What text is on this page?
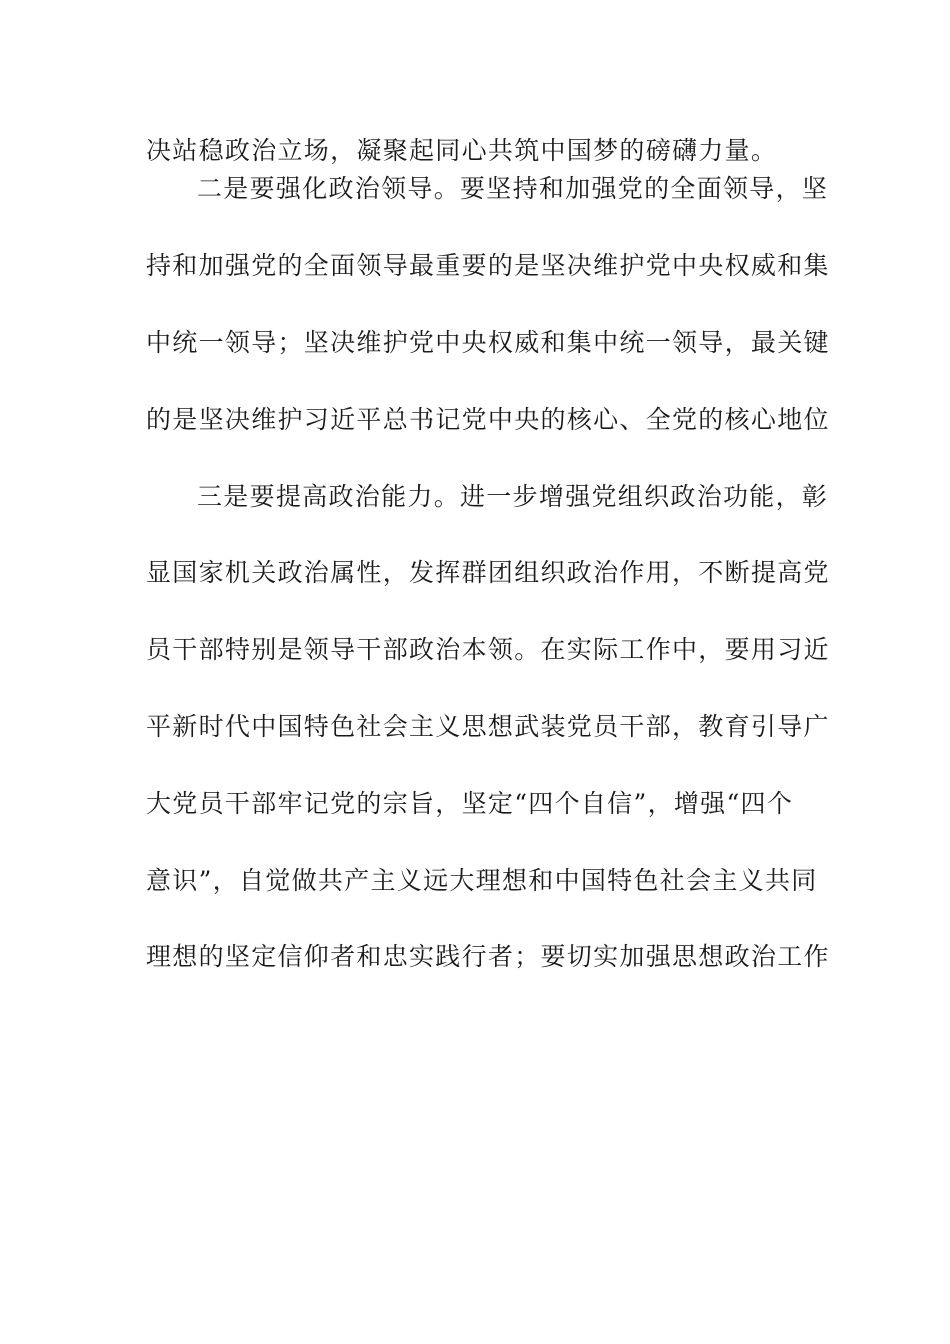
决站稳政治立场，凝聚起同心共筑中国梦的磅礴力量。
二是要强化政治领导。要坚持和加强党的全面领导，坚
持和加强党的全面领导最重要的是坚决维护党中央权威和集
中统一领导；坚决维护党中央权威和集中统一领导，最关键
的是坚决维护习近平总书记党中央的核心、全党的核心地位
三是要提高政治能力。进一步增强党组织政治功能，彰
显国家机关政治属性，发挥群团组织政治作用，不断提高党
员干部特别是领导干部政治本领。在实际工作中，要用习近
平新时代中国特色社会主义思想武装党员干部，教育引导广
大党员干部牢记党的宗旨，坚定“四个自信”，增强“四个
意识”，自觉做共产主义远大理想和中国特色社会主义共同
理想的坚定信仰者和忠实践行者；要切实加强思想政治工作
